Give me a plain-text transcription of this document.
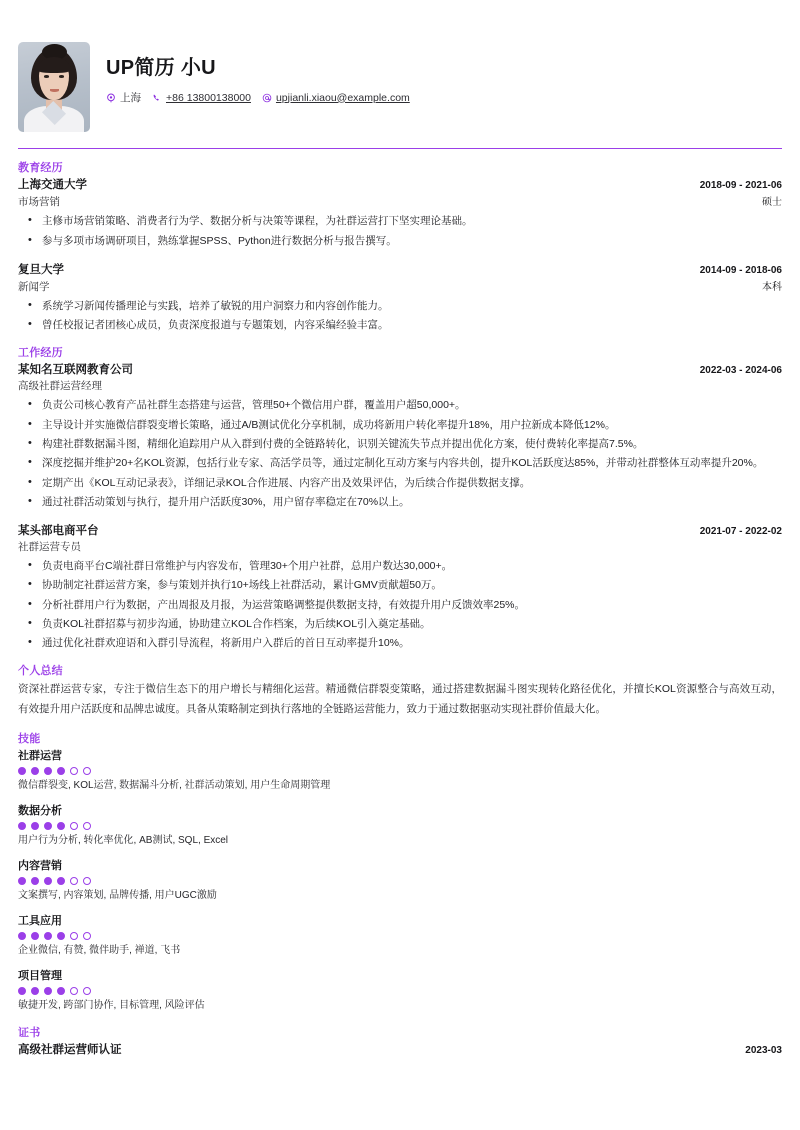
UP简历 小U
上海 +86 13800138000 upjianli.xiaou@example.com
教育经历
上海交通大学	2018-09 - 2021-06
市场营销	硕士
• 主修市场营销策略、消费者行为学、数据分析与决策等课程，为社群运营打下坚实理论基础。
• 参与多项市场调研项目，熟练掌握SPSS、Python进行数据分析与报告撰写。
复旦大学	2014-09 - 2018-06
新闻学	本科
• 系统学习新闻传播理论与实践，培养了敏锐的用户洞察力和内容创作能力。
• 曾任校报记者团核心成员，负责深度报道与专题策划，内容采编经验丰富。
工作经历
某知名互联网教育公司	2022-03 - 2024-06
高级社群运营经理
• 负责公司核心教育产品社群生态搭建与运营，管理50+个微信用户群，覆盖用户超50,000+。
• 主导设计并实施微信群裂变增长策略，通过A/B测试优化分享机制，成功将新用户转化率提升18%，用户拉新成本降低12%。
• 构建社群数据漏斗图，精细化追踪用户从入群到付费的全链路转化，识别关键流失节点并提出优化方案，使付费转化率提高7.5%。
• 深度挖掘并维护20+名KOL资源，包括行业专家、高活学员等，通过定制化互动方案与内容共创，提升KOL活跃度达85%，并带动社群整体互动率提升20%。
• 定期产出《KOL互动记录表》，详细记录KOL合作进展、内容产出及效果评估，为后续合作提供数据支撑。
• 通过社群活动策划与执行，提升用户活跃度30%，用户留存率稳定在70%以上。
某头部电商平台	2021-07 - 2022-02
社群运营专员
• 负责电商平台C端社群日常维护与内容发布，管理30+个用户社群，总用户数达30,000+。
• 协助制定社群运营方案，参与策划并执行10+场线上社群活动，累计GMV贡献超50万。
• 分析社群用户行为数据，产出周报及月报，为运营策略调整提供数据支持，有效提升用户反馈效率25%。
• 负责KOL社群招募与初步沟通，协助建立KOL合作档案，为后续KOL引入奠定基础。
• 通过优化社群欢迎语和入群引导流程，将新用户入群后的首日互动率提升10%。
个人总结
资深社群运营专家，专注于微信生态下的用户增长与精细化运营。精通微信群裂变策略，通过搭建数据漏斗图实现转化路径优化，并擅长KOL资源整合与高效互动，有效提升用户活跃度和品牌忠诚度。具备从策略制定到执行落地的全链路运营能力，致力于通过数据驱动实现社群价值最大化。
技能
社群运营
微信群裂变, KOL运营, 数据漏斗分析, 社群活动策划, 用户生命周期管理
数据分析
用户行为分析, 转化率优化, AB测试, SQL, Excel
内容营销
文案撰写, 内容策划, 品牌传播, 用户UGC激励
工具应用
企业微信, 有赞, 微伴助手, 禅道, 飞书
项目管理
敏捷开发, 跨部门协作, 目标管理, 风险评估
证书
高级社群运营师认证	2023-03
